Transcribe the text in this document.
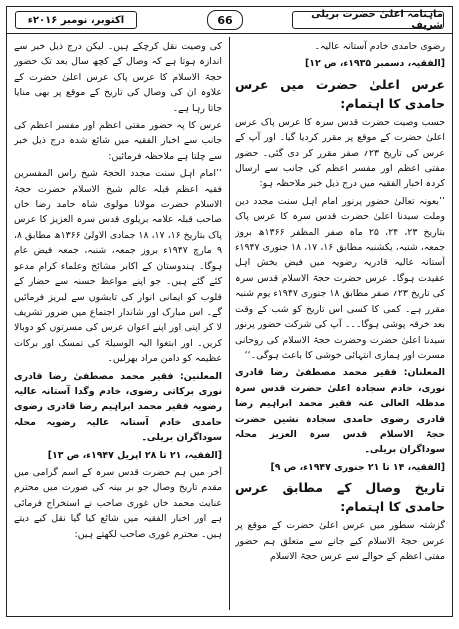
اکتوبر، نومبر ۲۰۱۶ء	66	ماہنامہ اعلیٰ حضرت بریلی شریف

رضوی حامدی خادم آستانہ عالیہ۔

[الفقیہ، دسمبر ۱۹۳۵ء، ص ۱۲]

عرس اعلیٰ حضرت میں عرس حامدی کا اہتمام:

حسب وصیت حضرت قدس سرہ کا عرس پاک عرس اعلیٰ حضرت کے موقع پر مقرر کردیا گیا۔ اور آپ کے عرس کی تاریخ ۲۳؍ صفر مقرر کر دی گئی۔ حضور مفتی اعظم اور مفسر اعظم کی جانب سے ارسال کردہ اخبار الفقیہ میں درج ذیل خبر ملاحظہ ہو:

’’بعونہ تعالیٰ حضور پرنور امام اہل سنت مجدد دین وملت سیدنا اعلیٰ حضرت قدس سرہ کا عرس پاک بتاریخ ۲۳، ۲۴، ۲۵ ماہ صفر المظفر ۱۳۶۶ھ بروز جمعہ، شنبہ، یکشنبہ مطابق ۱۶، ۱۷، ۱۸ جنوری ۱۹۴۷ء آستانہ عالیہ قادریہ رضویہ میں فیض بخش اہل عقیدت ہوگا۔ عرس حضرت حجۃ الاسلام قدس سرہ کی تاریخ ۲۳؍ صفر مطابق ۱۸ جنوری ۱۹۴۷ء یوم شنبہ مقرر ہے۔ کمی کا کسی اس تاریخ کو شب کے وقت بعد خرقہ پوشی ہوگا۔۔۔ آپ کی شرکت حضور پرنور سیدنا اعلیٰ حضرت وحضرت حجۃ الاسلام کی روحانی مسرت اور ہماری انتہائی خوشی کا باعث ہوگی۔‘‘

المعلنان: فقیر محمد مصطفیٰ رضا قادری نوری، خادم سجادہ اعلیٰ حضرت قدس سرہ مدظلہ العالی عنہ فقیر محمد ابراہیم رضا قادری رضوی حامدی سجادہ نشین حضرت حجۃ الاسلام قدس سرہ العزیز محلہ سوداگران بریلی۔

[الفقیہ، ۱۴ تا ۲۱ جنوری ۱۹۴۷ء، ص ۹]

تاریخ وصال کے مطابق عرس حامدی کا اہتمام:

گزشتہ سطور میں عرس اعلیٰ حضرت کے موقع پر عرس حجۃ الاسلام کیے جانے سے متعلق ہم حضور مفتی اعظم کے حوالے سے عرس حجۃ الاسلام

کی وصیت نقل کرچکے ہیں۔ لیکن درج ذیل خبر سے اندازہ ہوتا ہے کہ وصال کے کچھ سال بعد تک حضور حجۃ الاسلام کا عرس پاک عرس اعلیٰ حضرت کے علاوہ ان کی وصال کی تاریخ کے موقع پر بھی منایا جاتا رہا ہے۔

عرس کا پہ حضور مفتی اعظم اور مفسر اعظم کی جانب سے اخبار الفقیہ میں شائع شدہ درج ذیل خبر سے چلتا ہے ملاحظہ فرمائیں:

’’امام اہل سنت مجدد الحجۃ شیخ راس المفسرین فقیہ اعظم قبلہ عالم شیخ الاسلام حضرت حجۃ الاسلام حضرت مولانا مولوی شاہ حامد رضا خاں صاحب قبلہ علامہ بریلوی قدس سرہ العزیز کا عرس پاک بتاریخ ۱۶، ۱۷، ۱۸ جمادی الاولیٰ ۱۳۶۶ھ مطابق ۸، ۹ مارچ ۱۹۴۷ء بروز جمعہ، شنبہ، جمعہ فیض عام ہوگا۔ ہندوستان کے اکابر مشائخ وعلماء کرام مدعو کئے گئے ہیں۔ جو اپنے مواعظ حسنہ سے حضار کے قلوب کو ایمانی انوار کی تابشوں سے لبریز فرمائیں گے۔ اس مبارک اور شاندار اجتماع میں ضرور تشریف لا کر اپنی اور اپنے اعوان عرس کی مسرتوں کو دوبالا کریں۔ اور ابتغوا الیہ الوسیلۃ کی تمسک اور برکات عظیمہ کو دامن مراد بھرلیں۔

المعلنین: فقیر محمد مصطفیٰ رضا قادری نوری برکاتی رضوی، خادم وگدا آستانہ عالیہ رضویہ فقیر محمد ابراہیم رضا قادری رضوی حامدی خادم آستانہ عالیہ رضویہ محلہ سوداگران بریلی۔

[الفقیہ، ۲۱ تا ۲۸ اپریل ۱۹۴۷ء، ص ۱۳]

آخر میں ہم حضرت قدس سرہ کے اسم گرامی میں مقدم تاریخ وصال جو بر بینہ کی صورت میں محترم عنایت محمد خاں غوری صاحب نے استخراج فرمائی ہے اور اخبار الفقیہ میں شائع کیا گیا نقل کیے دیتے ہیں۔ محترم غوری صاحب لکھتے ہیں:
